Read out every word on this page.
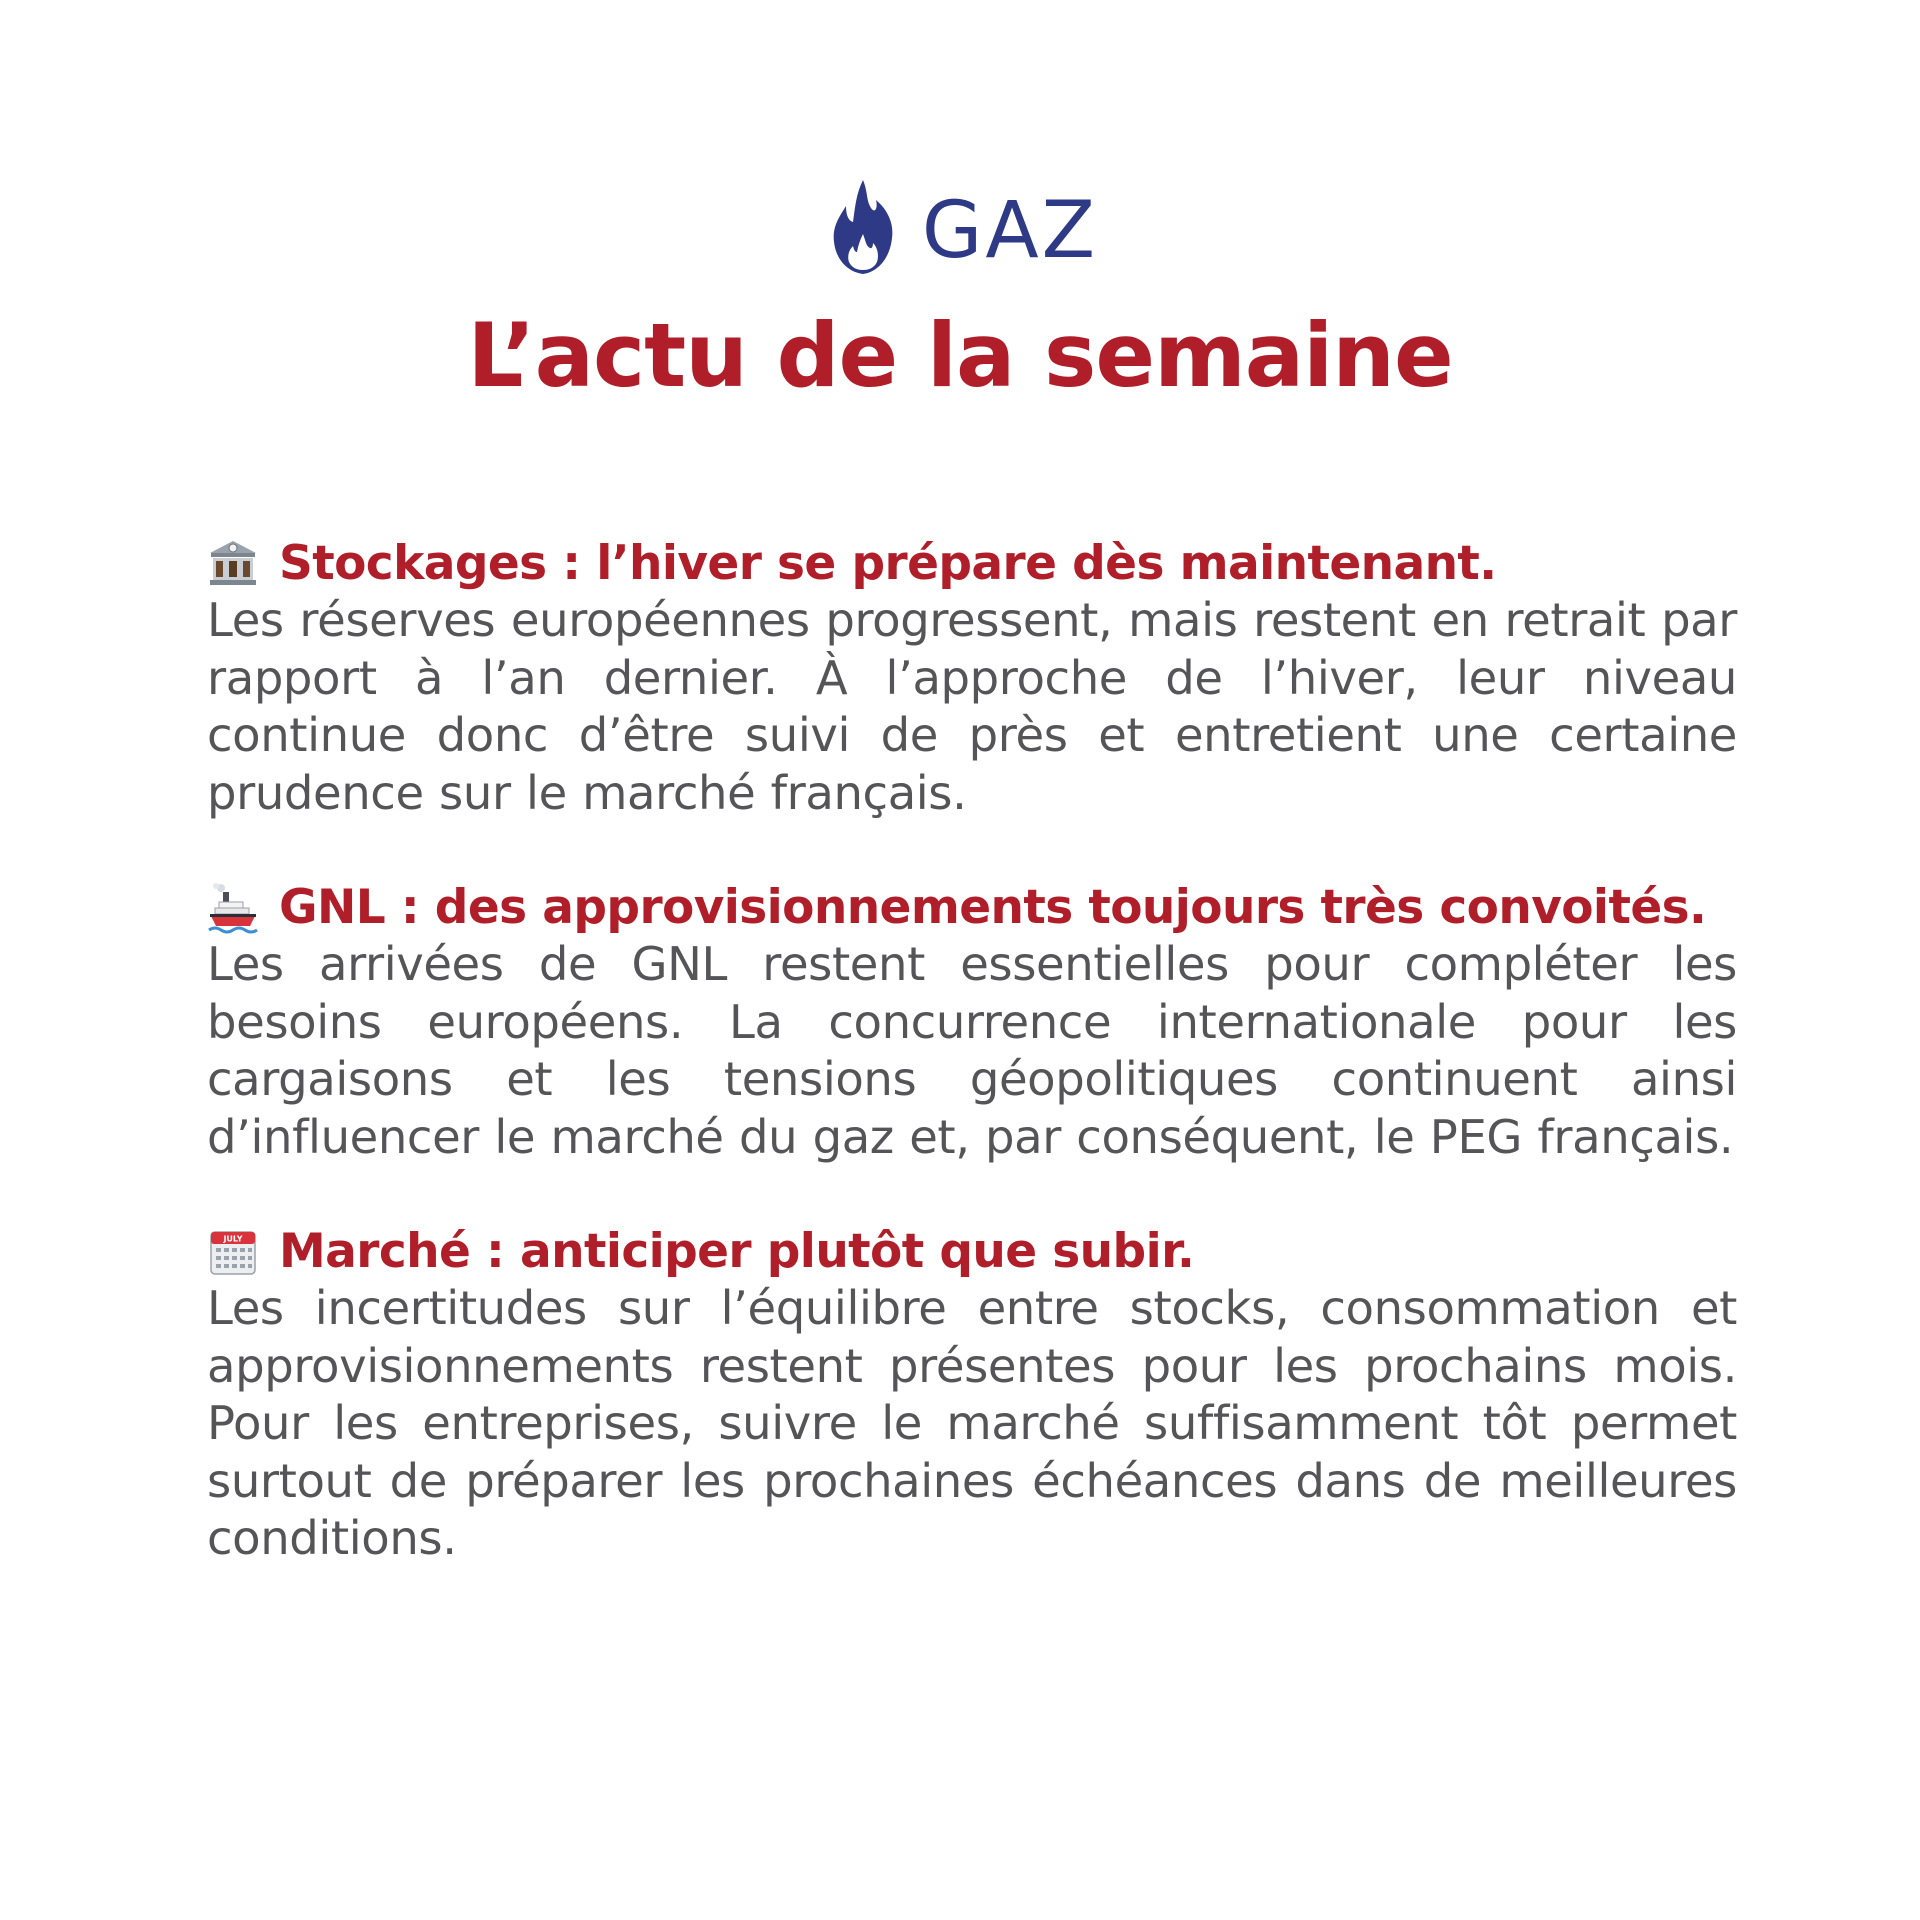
GAZ
L’actu de la semaine
Stockages : l’hiver se prépare dès maintenant.

Les réserves européennes progressent, mais restent en retrait par rapport à l’an dernier. À l’approche de l’hiver, leur niveau continue donc d’être suivi de près et entretient une certaine prudence sur le marché français.

GNL : des approvisionnements toujours très convoités.

Les arrivées de GNL restent essentielles pour compléter les besoins européens. La concurrence internationale pour les cargaisons et les tensions géopolitiques continuent ainsi d’influencer le marché du gaz et, par conséquent, le PEG français.

JULY Marché : anticiper plutôt que subir.

Les incertitudes sur l’équilibre entre stocks, consommation et approvisionnements restent présentes pour les prochains mois. Pour les entreprises, suivre le marché suffisamment tôt permet surtout de préparer les prochaines échéances dans de meilleures conditions.
